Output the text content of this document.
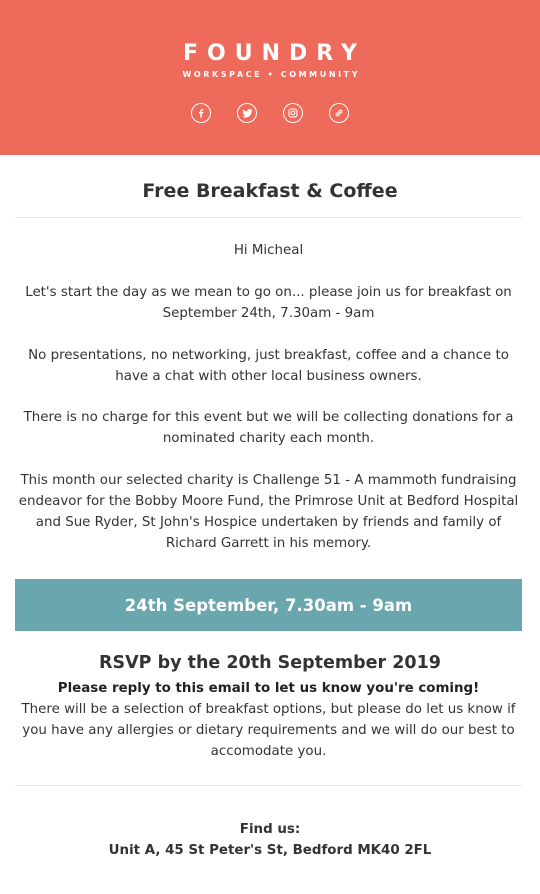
FOUNDRY
WORKSPACE • COMMUNITY
Free Breakfast & Coffee

Hi Micheal

Let's start the day as we mean to go on... please join us for breakfast on September 24th, 7.30am - 9am

No presentations, no networking, just breakfast, coffee and a chance to have a chat with other local business owners.

There is no charge for this event but we will be collecting donations for a nominated charity each month.

This month our selected charity is Challenge 51 - A mammoth fundraising endeavor for the Bobby Moore Fund, the Primrose Unit at Bedford Hospital and Sue Ryder, St John's Hospice undertaken by friends and family of Richard Garrett in his memory.

24th September, 7.30am - 9am
RSVP by the 20th September 2019
Please reply to this email to let us know you're coming!

There will be a selection of breakfast options, but please do let us know if you have any allergies or dietary requirements and we will do our best to accomodate you.

Find us:
Unit A, 45 St Peter's St, Bedford MK40 2FL
